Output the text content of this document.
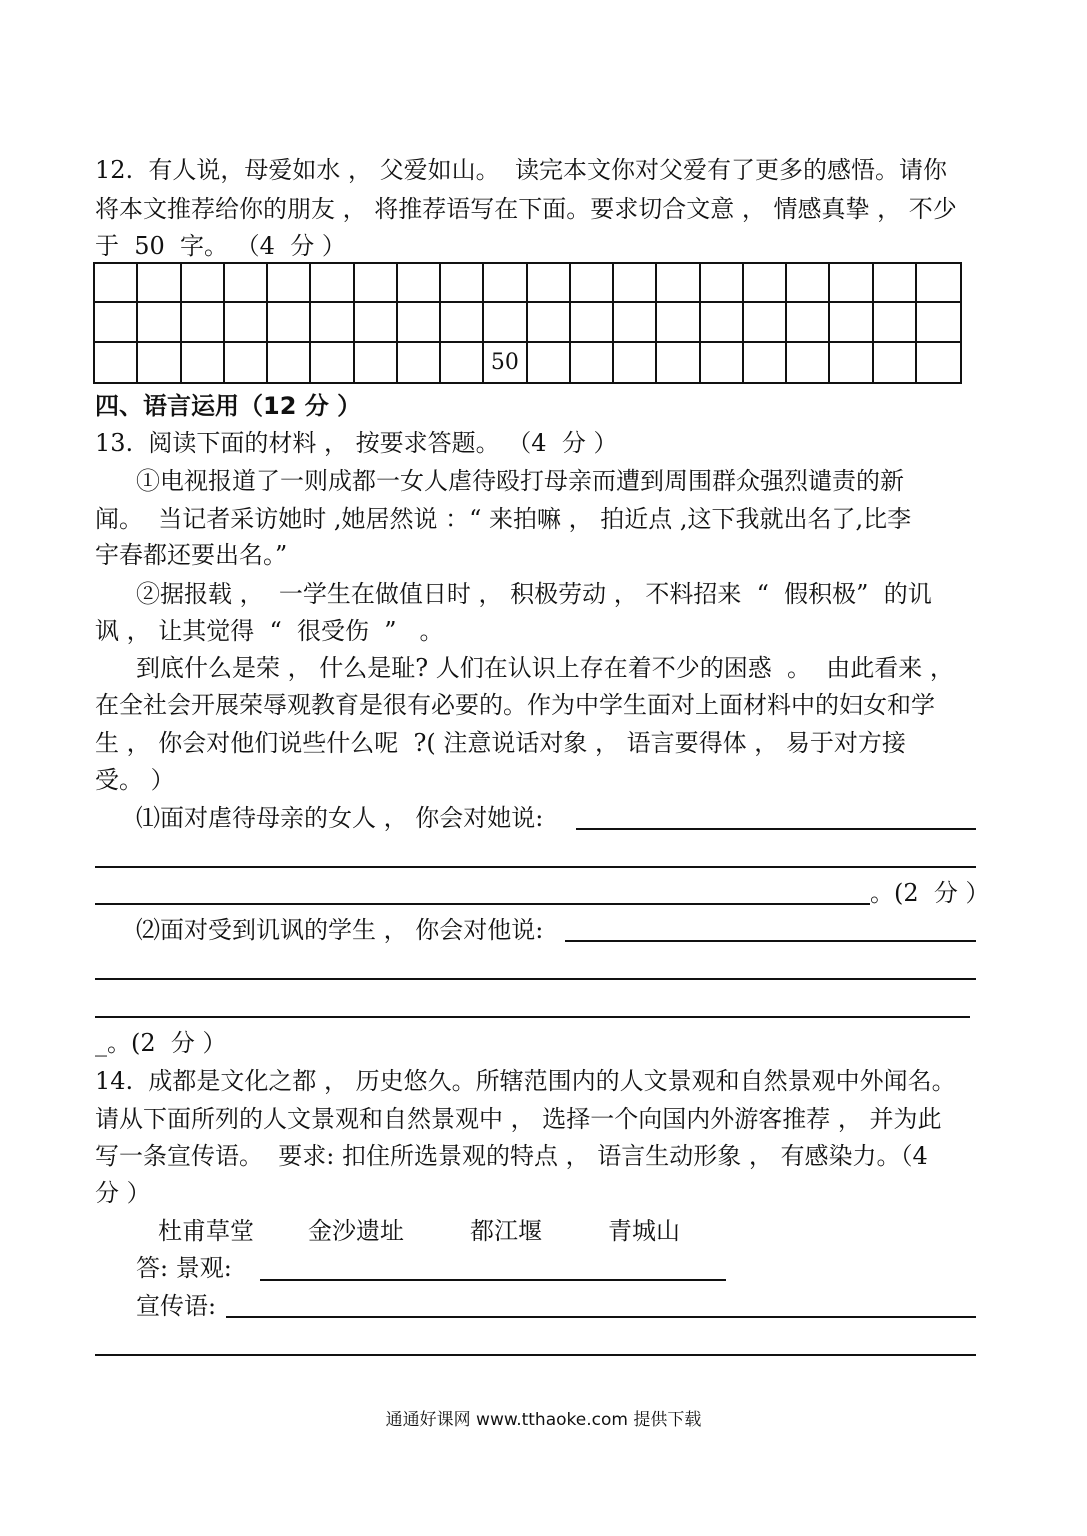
12.  有人说，母爱如水 ， 父爱如山。  读完本文你对父爱有了更多的感悟。请你
将本文推荐给你的朋友 ， 将推荐语写在下面。要求切合文意 ， 情感真挚 ， 不少
于  50  字。 （4  分 ）
50
四、语言运用（12 分 ）
13.  阅读下面的材料 ， 按要求答题。 （4  分 ）
①电视报道了一则成都一女人虐待殴打母亲而遭到周围群众强烈谴责的新
闻。  当记者采访她时 ,她居然说 ：“ 来拍嘛 ， 拍近点 ,这下我就出名了,比李
宇春都还要出名。”
②据报载 ，  一学生在做值日时 ， 积极劳动 ， 不料招来  “  假积极”  的讥
讽 ， 让其觉得  “  很受伤  ”   。
到底什么是荣 ， 什么是耻? 人们在认识上存在着不少的困惑  。  由此看来 ，
在全社会开展荣辱观教育是很有必要的。作为中学生面对上面材料中的妇女和学
生 ， 你会对他们说些什么呢  ?( 注意说话对象 ， 语言要得体 ， 易于对方接
受。 ）
⑴面对虐待母亲的女人 ， 你会对她说:
。(2  分 ）
⑵面对受到讥讽的学生 ， 你会对他说:
_。(2  分 ）
14.  成都是文化之都 ， 历史悠久。所辖范围内的人文景观和自然景观中外闻名。
请从下面所列的人文景观和自然景观中 ， 选择一个向国内外游客推荐 ， 并为此
写一条宣传语。  要求: 扣住所选景观的特点 ， 语言生动形象 ， 有感染力。（4
分 ）
杜甫草堂 金沙遗址	都江堰	青城山
答: 景观:
宣传语:
通通好课网 www.tthaoke.com 提供下载
